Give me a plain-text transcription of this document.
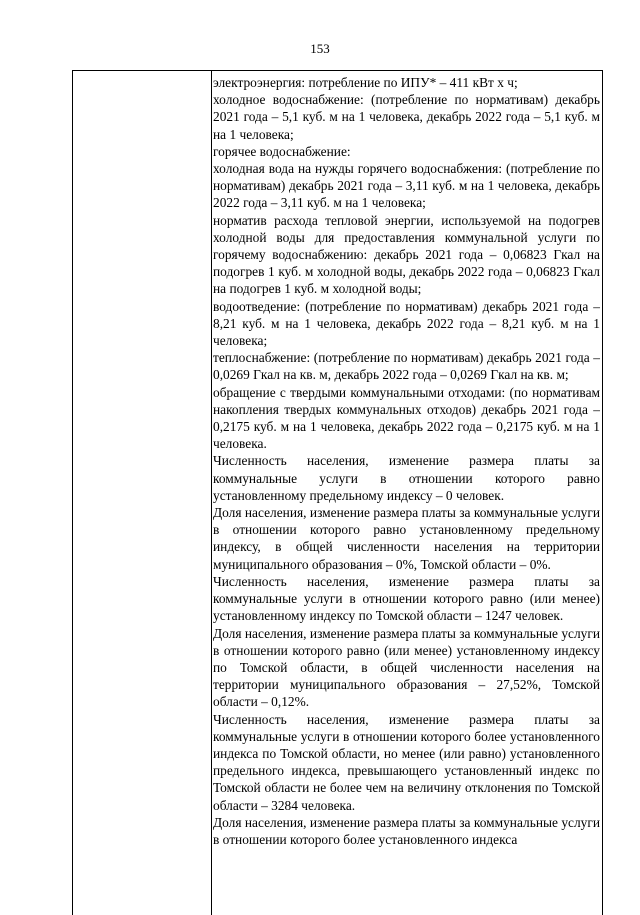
153

электроэнергия: потребление по ИПУ* – 411 кВт х ч;

холодное водоснабжение: (потребление по нормативам) декабрь 2021 года – 5,1 куб. м на 1 человека, декабрь 2022 года – 5,1 куб. м на 1 человека;

горячее водоснабжение:

холодная вода на нужды горячего водоснабжения: (потребление по нормативам) декабрь 2021 года – 3,11 куб. м на 1 человека, декабрь 2022 года – 3,11 куб. м на 1 человека;

норматив расхода тепловой энергии, используемой на подогрев холодной воды для предоставления коммунальной услуги по горячему водоснабжению: декабрь 2021 года – 0,06823 Гкал на подогрев 1 куб. м холодной воды, декабрь 2022 года – 0,06823 Гкал на подогрев 1 куб. м холодной воды;

водоотведение: (потребление по нормативам) декабрь 2021 года – 8,21 куб. м на 1 человека, декабрь 2022 года – 8,21 куб. м на 1 человека;

теплоснабжение: (потребление по нормативам) декабрь 2021 года – 0,0269 Гкал на кв. м, декабрь 2022 года – 0,0269 Гкал на кв. м;

обращение с твердыми коммунальными отходами: (по нормативам накопления твердых коммунальных отходов) декабрь 2021 года – 0,2175 куб. м на 1 человека, декабрь 2022 года – 0,2175 куб. м на 1 человека.

Численность населения, изменение размера платы за коммунальные услуги в отношении которого равно установленному предельному индексу – 0 человек.

Доля населения, изменение размера платы за коммунальные услуги в отношении которого равно установленному предельному индексу, в общей численности населения на территории муниципального образования – 0%, Томской области – 0%.

Численность населения, изменение размера платы за коммунальные услуги в отношении которого равно (или менее) установленному индексу по Томской области – 1247 человек.

Доля населения, изменение размера платы за коммунальные услуги в отношении которого равно (или менее) установленному индексу по Томской области, в общей численности населения на территории муниципального образования – 27,52%, Томской области – 0,12%.

Численность населения, изменение размера платы за коммунальные услуги в отношении которого более установленного индекса по Томской области, но менее (или равно) установленного предельного индекса, превышающего установленный индекс по Томской области не более чем на величину отклонения по Томской области – 3284 человека.

Доля населения, изменение размера платы за коммунальные услуги в отношении которого более установленного индекса
